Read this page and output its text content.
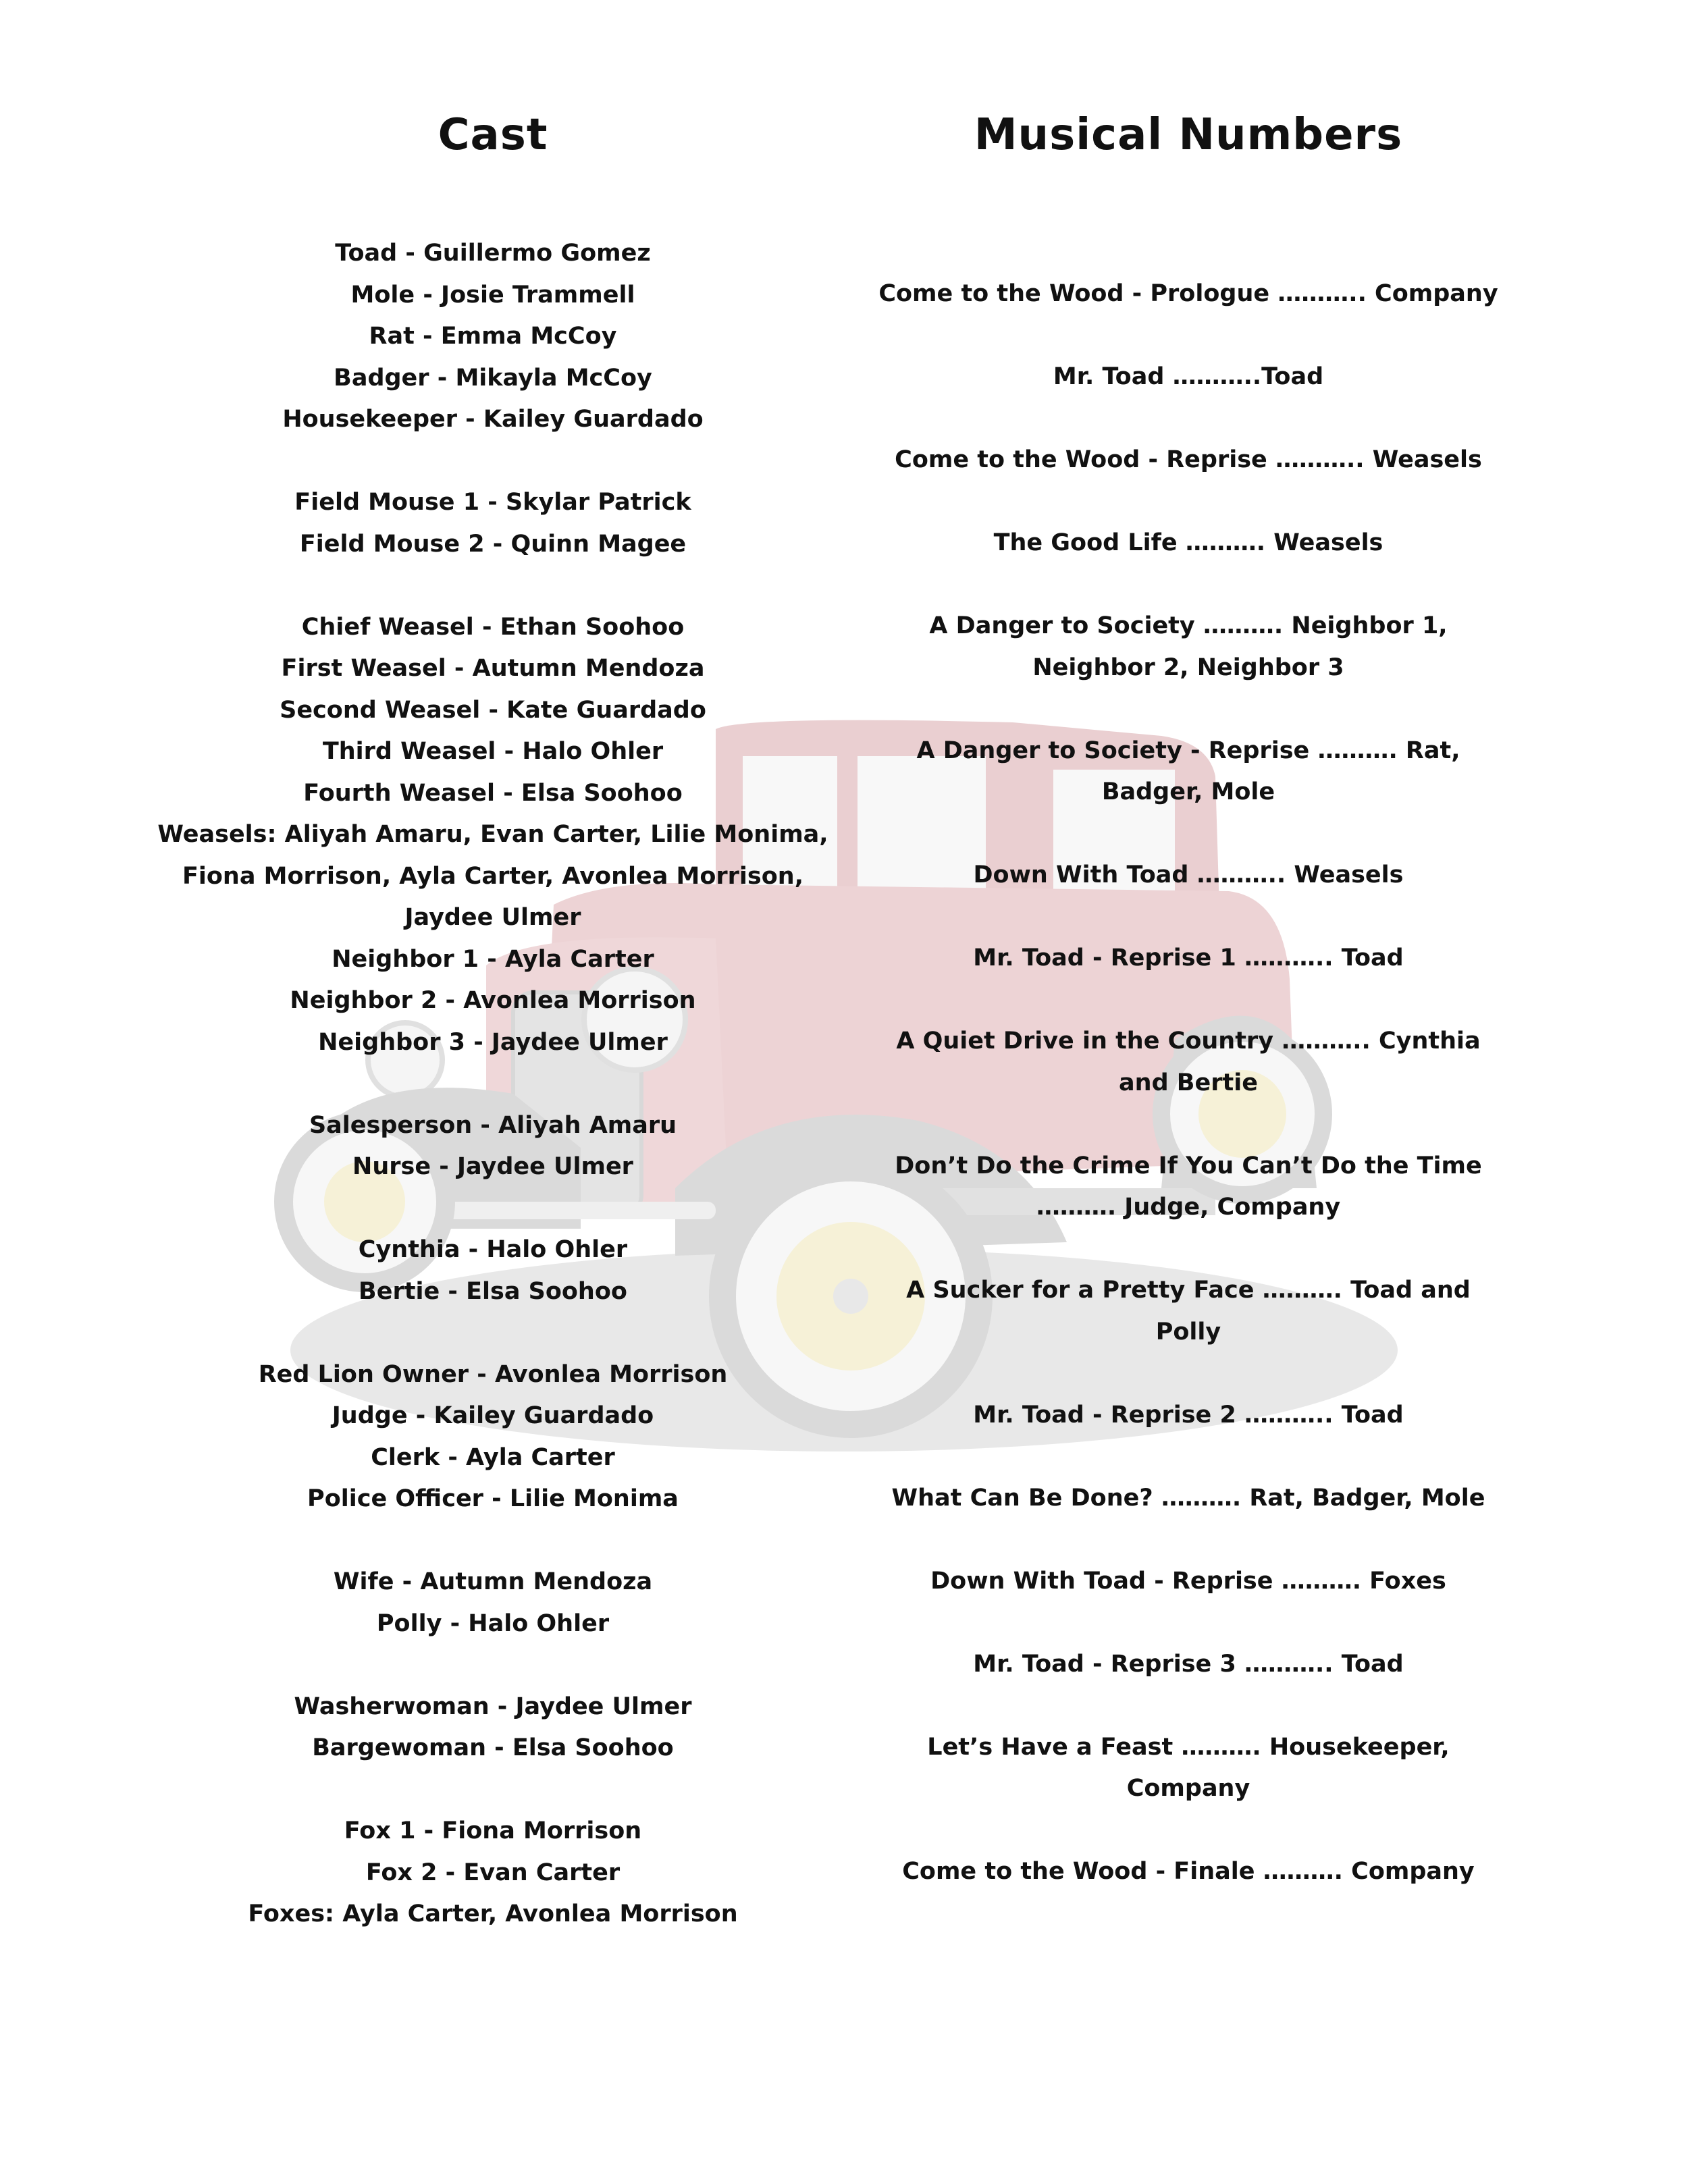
Cast
Toad - Guillermo Gomez
Mole - Josie Trammell
Rat - Emma McCoy
Badger - Mikayla McCoy
Housekeeper - Kailey Guardado
Field Mouse 1 - Skylar Patrick
Field Mouse 2 - Quinn Magee
Chief Weasel - Ethan Soohoo
First Weasel - Autumn Mendoza
Second Weasel - Kate Guardado
Third Weasel - Halo Ohler
Fourth Weasel - Elsa Soohoo
Weasels: Aliyah Amaru, Evan Carter, Lilie Monima,
Fiona Morrison, Ayla Carter, Avonlea Morrison,
Jaydee Ulmer
Neighbor 1 - Ayla Carter
Neighbor 2 - Avonlea Morrison
Neighbor 3 - Jaydee Ulmer
Salesperson - Aliyah Amaru
Nurse - Jaydee Ulmer
Cynthia - Halo Ohler
Bertie - Elsa Soohoo
Red Lion Owner - Avonlea Morrison
Judge - Kailey Guardado
Clerk - Ayla Carter
Police Officer - Lilie Monima
Wife - Autumn Mendoza
Polly - Halo Ohler
Washerwoman - Jaydee Ulmer
Bargewoman - Elsa Soohoo
Fox 1 - Fiona Morrison
Fox 2 - Evan Carter
Foxes: Ayla Carter, Avonlea Morrison
Musical Numbers
Come to the Wood - Prologue ……….. Company
Mr. Toad ………..Toad
Come to the Wood - Reprise ……….. Weasels
The Good Life ………. Weasels
A Danger to Society ………. Neighbor 1, Neighbor 2, Neighbor 3
A Danger to Society - Reprise ………. Rat, Badger, Mole
Down With Toad ……….. Weasels
Mr. Toad - Reprise 1 ……….. Toad
A Quiet Drive in the Country ……….. Cynthia and Bertie
Don’t Do the Crime If You Can’t Do the Time ………. Judge, Company
A Sucker for a Pretty Face ………. Toad and Polly
Mr. Toad - Reprise 2 ……….. Toad
What Can Be Done? ………. Rat, Badger, Mole
Down With Toad - Reprise ………. Foxes
Mr. Toad - Reprise 3 ……….. Toad
Let’s Have a Feast ………. Housekeeper, Company
Come to the Wood - Finale ………. Company
